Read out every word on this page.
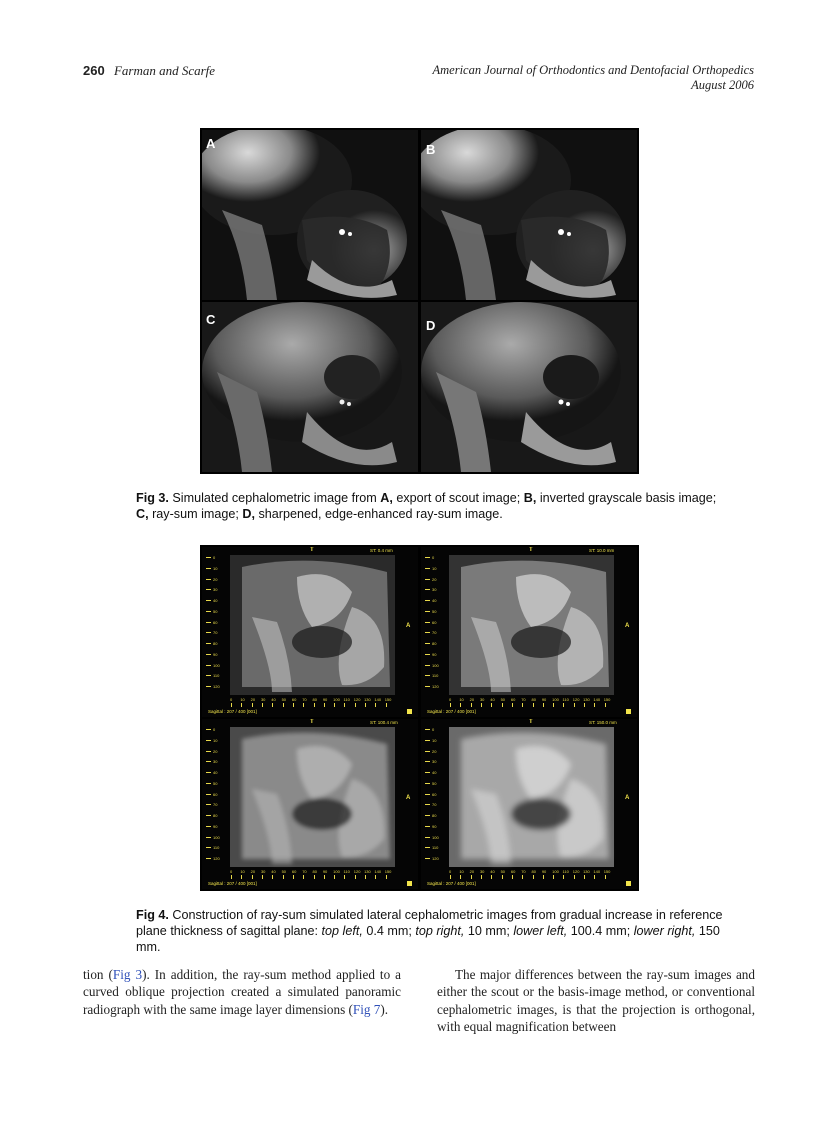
260 Farman and Scarfe	American Journal of Orthodontics and Dentofacial Orthopedics
August 2006
A	B
C	D
Fig 3. Simulated cephalometric image from A, export of scout image; B, inverted grayscale basis image; C, ray-sum image; D, sharpened, edge-enhanced ray-sum image.
0
10
20
30
40
50
60
70
80
90
100
110
120
0 10 20 30 40 50 60 70 80 90 100 110 120 130 140 150
T
A
ST: 0.4 mm
Sagittal : 207 / 400 [001]
0
10
20
30
40
50
60
70
80
90
100
110
120
0 10 20 30 40 50 60 70 80 90 100 110 120 130 140 150
T
A
ST: 10.0 mm
Sagittal : 207 / 400 [001]
0
10
20
30
40
50
60
70
80
90
100
110
120
0 10 20 30 40 50 60 70 80 90 100 110 120 130 140 150
T
A
ST: 100.4 mm
Sagittal : 207 / 400 [001]
0
10
20
30
40
50
60
70
80
90
100
110
120
0 10 20 30 40 50 60 70 80 90 100 110 120 130 140 150
T
A
ST: 150.0 mm
Sagittal : 207 / 400 [001]
Fig 4. Construction of ray-sum simulated lateral cephalometric images from gradual increase in reference plane thickness of sagittal plane: top left, 0.4 mm; top right, 10 mm; lower left, 100.4 mm; lower right, 150 mm.

tion (Fig 3). In addition, the ray-sum method applied to a curved oblique projection created a simulated panoramic radiograph with the same image layer dimensions (Fig 7).

The major differences between the ray-sum images and either the scout or the basis-image method, or conventional cephalometric images, is that the projection is orthogonal, with equal magnification between
